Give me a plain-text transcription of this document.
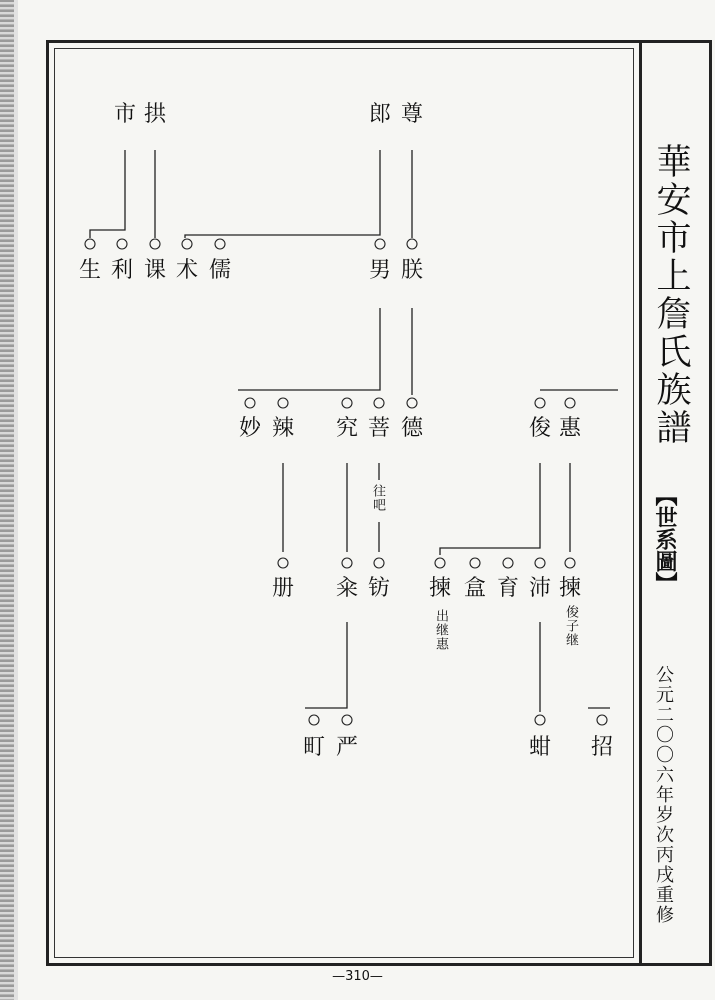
華安市上詹氏族譜
【世系圖】
公元二〇〇六年岁次丙戌重修
—310—
市 拱	郎 尊
生 利 课 术 儒	男 朕
妙 辣 究 菩 德	俊 惠
往吧
册 籴 钫 揀 盒 育 沛 揀
出继惠	俊子继
町 严	蚶 招
